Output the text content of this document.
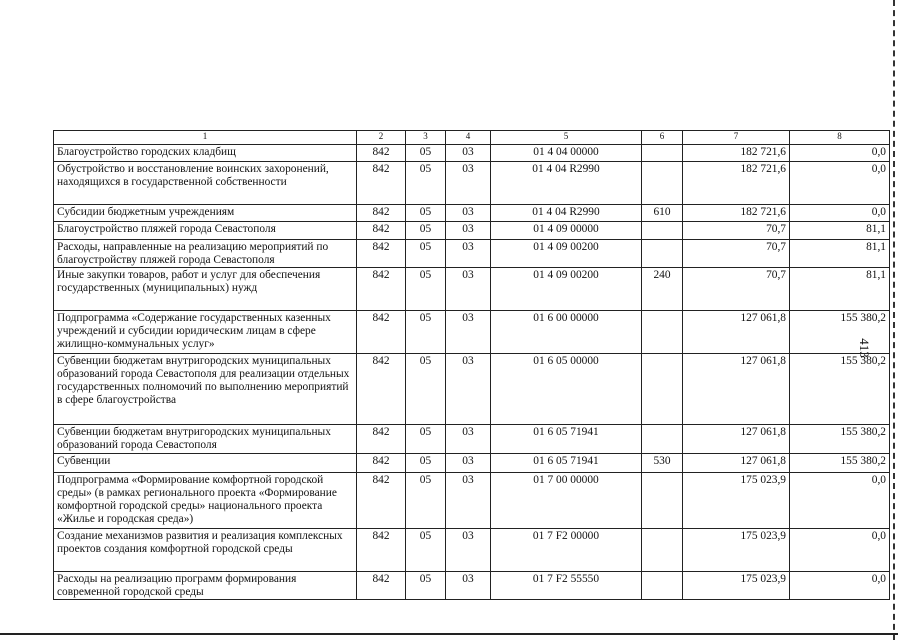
413
1	2	3	4	5	6	7	8
Благоустройство городских кладбищ	842	05	03	01 4 04 00000		182 721,6	0,0
Обустройство и восстановление воинских захоронений, находящихся в государственной собственности	842	05	03	01 4 04 R2990		182 721,6	0,0
Субсидии бюджетным учреждениям	842	05	03	01 4 04 R2990	610	182 721,6	0,0
Благоустройство пляжей города Севастополя	842	05	03	01 4 09 00000		70,7	81,1
Расходы, направленные на реализацию мероприятий по благоустройству пляжей города Севастополя	842	05	03	01 4 09 00200		70,7	81,1
Иные закупки товаров, работ и услуг для обеспечения государственных (муниципальных) нужд	842	05	03	01 4 09 00200	240	70,7	81,1
Подпрограмма «Содержание государственных казенных учреждений и субсидии юридическим лицам в сфере жилищно-коммунальных услуг»	842	05	03	01 6 00 00000		127 061,8	155 380,2
Субвенции бюджетам внутригородских муниципальных образований города Севастополя для реализации отдельных государственных полномочий по выполнению мероприятий в сфере благоустройства	842	05	03	01 6 05 00000		127 061,8	155 380,2
Субвенции бюджетам внутригородских муниципальных образований города Севастополя	842	05	03	01 6 05 71941		127 061,8	155 380,2
Субвенции	842	05	03	01 6 05 71941	530	127 061,8	155 380,2
Подпрограмма «Формирование комфортной городской среды» (в рамках регионального проекта «Формирование комфортной городской среды» национального проекта «Жилье и городская среда»)	842	05	03	01 7 00 00000		175 023,9	0,0
Создание механизмов развития и реализация комплексных проектов создания комфортной городской среды	842	05	03	01 7 F2 00000		175 023,9	0,0
Расходы на реализацию программ формирования современной городской среды	842	05	03	01 7 F2 55550		175 023,9	0,0
